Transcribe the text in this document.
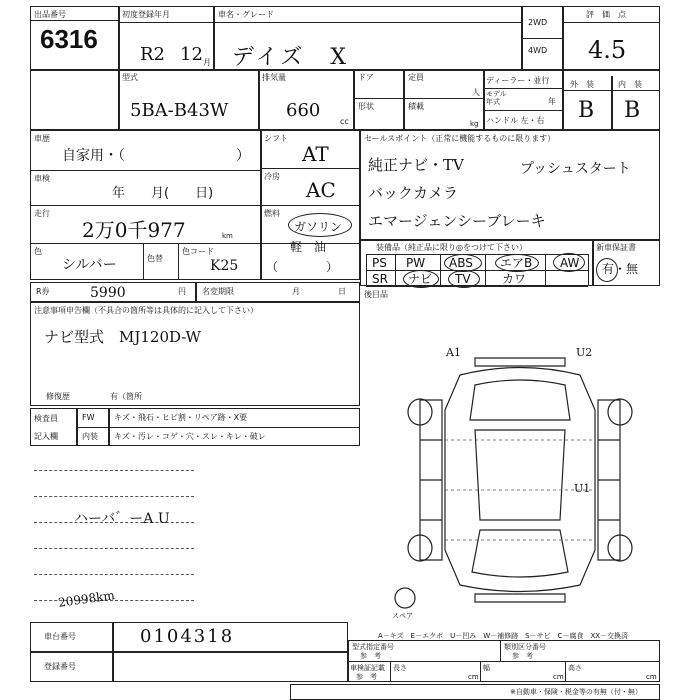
出品番号
6316
初度登録年月
R2 12 月
車名・グレード
デイズ　X
2WD
4WD
評　価　点
4.5
型式
5BA-B43W
排気量
660
cc
ドア	定員
人
形状	積載
kg
ディーラー・並行
モデル
年式	年
ハンドル 左・右
外　装	内　装
B B
車歴
自家用・（	）
車検
年　　月(　　日)
走行
2万0千977	km
色
シルバー	色替
色コード
K25
シフト
AT
冷房
AC
燃料
ガソリン
軽　油
（　　　　）
セールスポイント（正常に機能するものに限ります）
純正ナビ・TV	プッシュスタート
バックカメラ
エマージェンシーブレーキ
装備品（純正品に限り◎をつけて下さい）	新車保証書
有・無
PS PW ABS エアB AW
SR ナビ TV	カワ
後目品
R券	5990	円 名変期限	月	日
注意事項申告欄（不具合の箇所等は具体的に記入して下さい）
ナビ型式　MJ120D-W
修復歴	有（箇所
検査員
記入欄
FW キズ・飛石・ヒビ割・リペア跡・X要
内装 キズ・汚レ・コゲ・穴・スレ・キレ・破レ
ハーバ゛ーA U
20998km
A1	U2
U1
スペア
A－キズ　E－エクボ　U－凹み　W－補修跡　S－サビ　C－腐食　XX－交換済
車台番号	0104318
登録番号
型式指定番号
参　考
類別区分番号
参　考
車検証記載
参　考
長さ
cm
幅
cm
高さ
cm
※自動車・保険・税金等の有無（付・無）
